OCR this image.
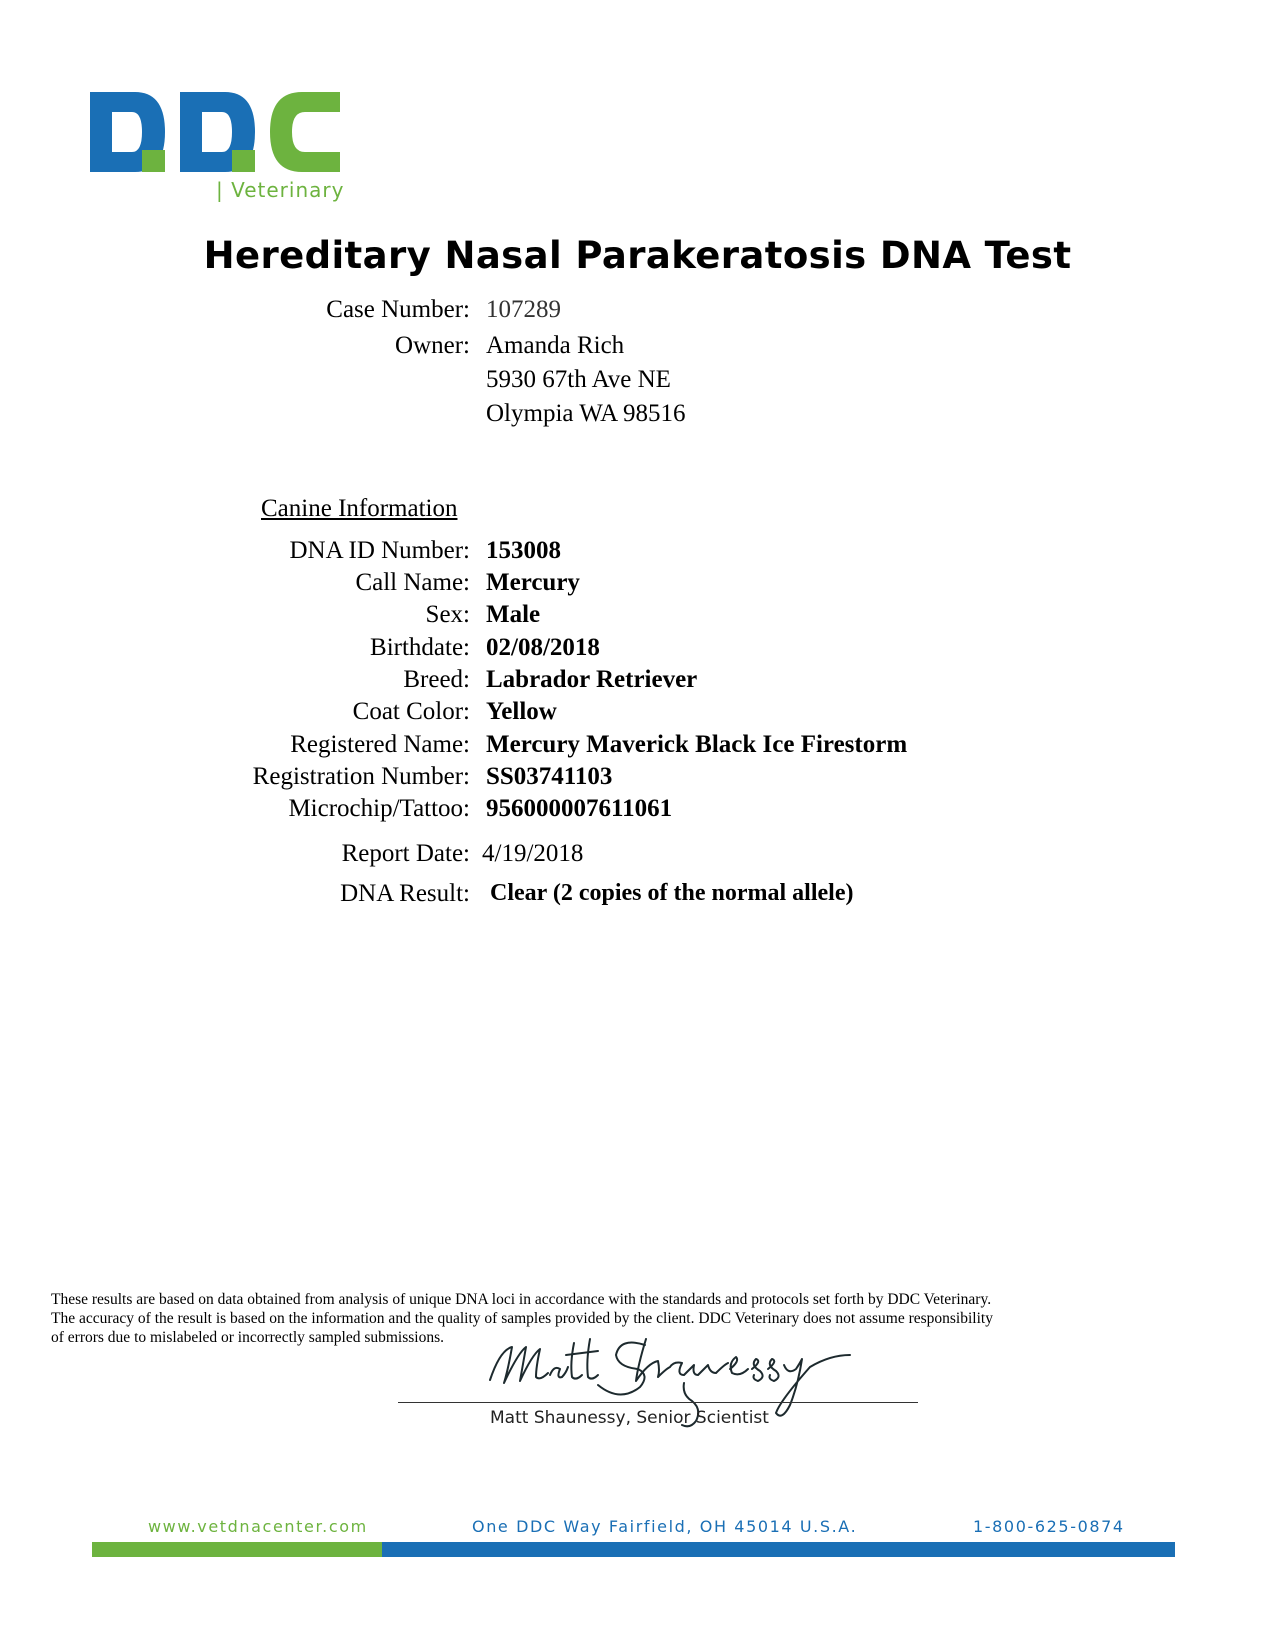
| Veterinary
Hereditary Nasal Parakeratosis DNA Test
Case Number: 107289
Owner: Amanda Rich
5930 67th Ave NE
Olympia WA 98516
Canine Information
DNA ID Number: 153008
Call Name: Mercury
Sex: Male
Birthdate: 02/08/2018
Breed: Labrador Retriever
Coat Color: Yellow
Registered Name: Mercury Maverick Black Ice Firestorm
Registration Number: SS03741103
Microchip/Tattoo: 956000007611061
Report Date: 4/19/2018
DNA Result: Clear (2 copies of the normal allele)
These results are based on data obtained from analysis of unique DNA loci in accordance with the standards and protocols set forth by DDC Veterinary.
The accuracy of the result is based on the information and the quality of samples provided by the client. DDC Veterinary does not assume responsibility
of errors due to mislabeled or incorrectly sampled submissions.
Matt Shaunessy, Senior Scientist
www.vetdnacenter.com	One DDC Way Fairfield, OH 45014 U.S.A.	1-800-625-0874
